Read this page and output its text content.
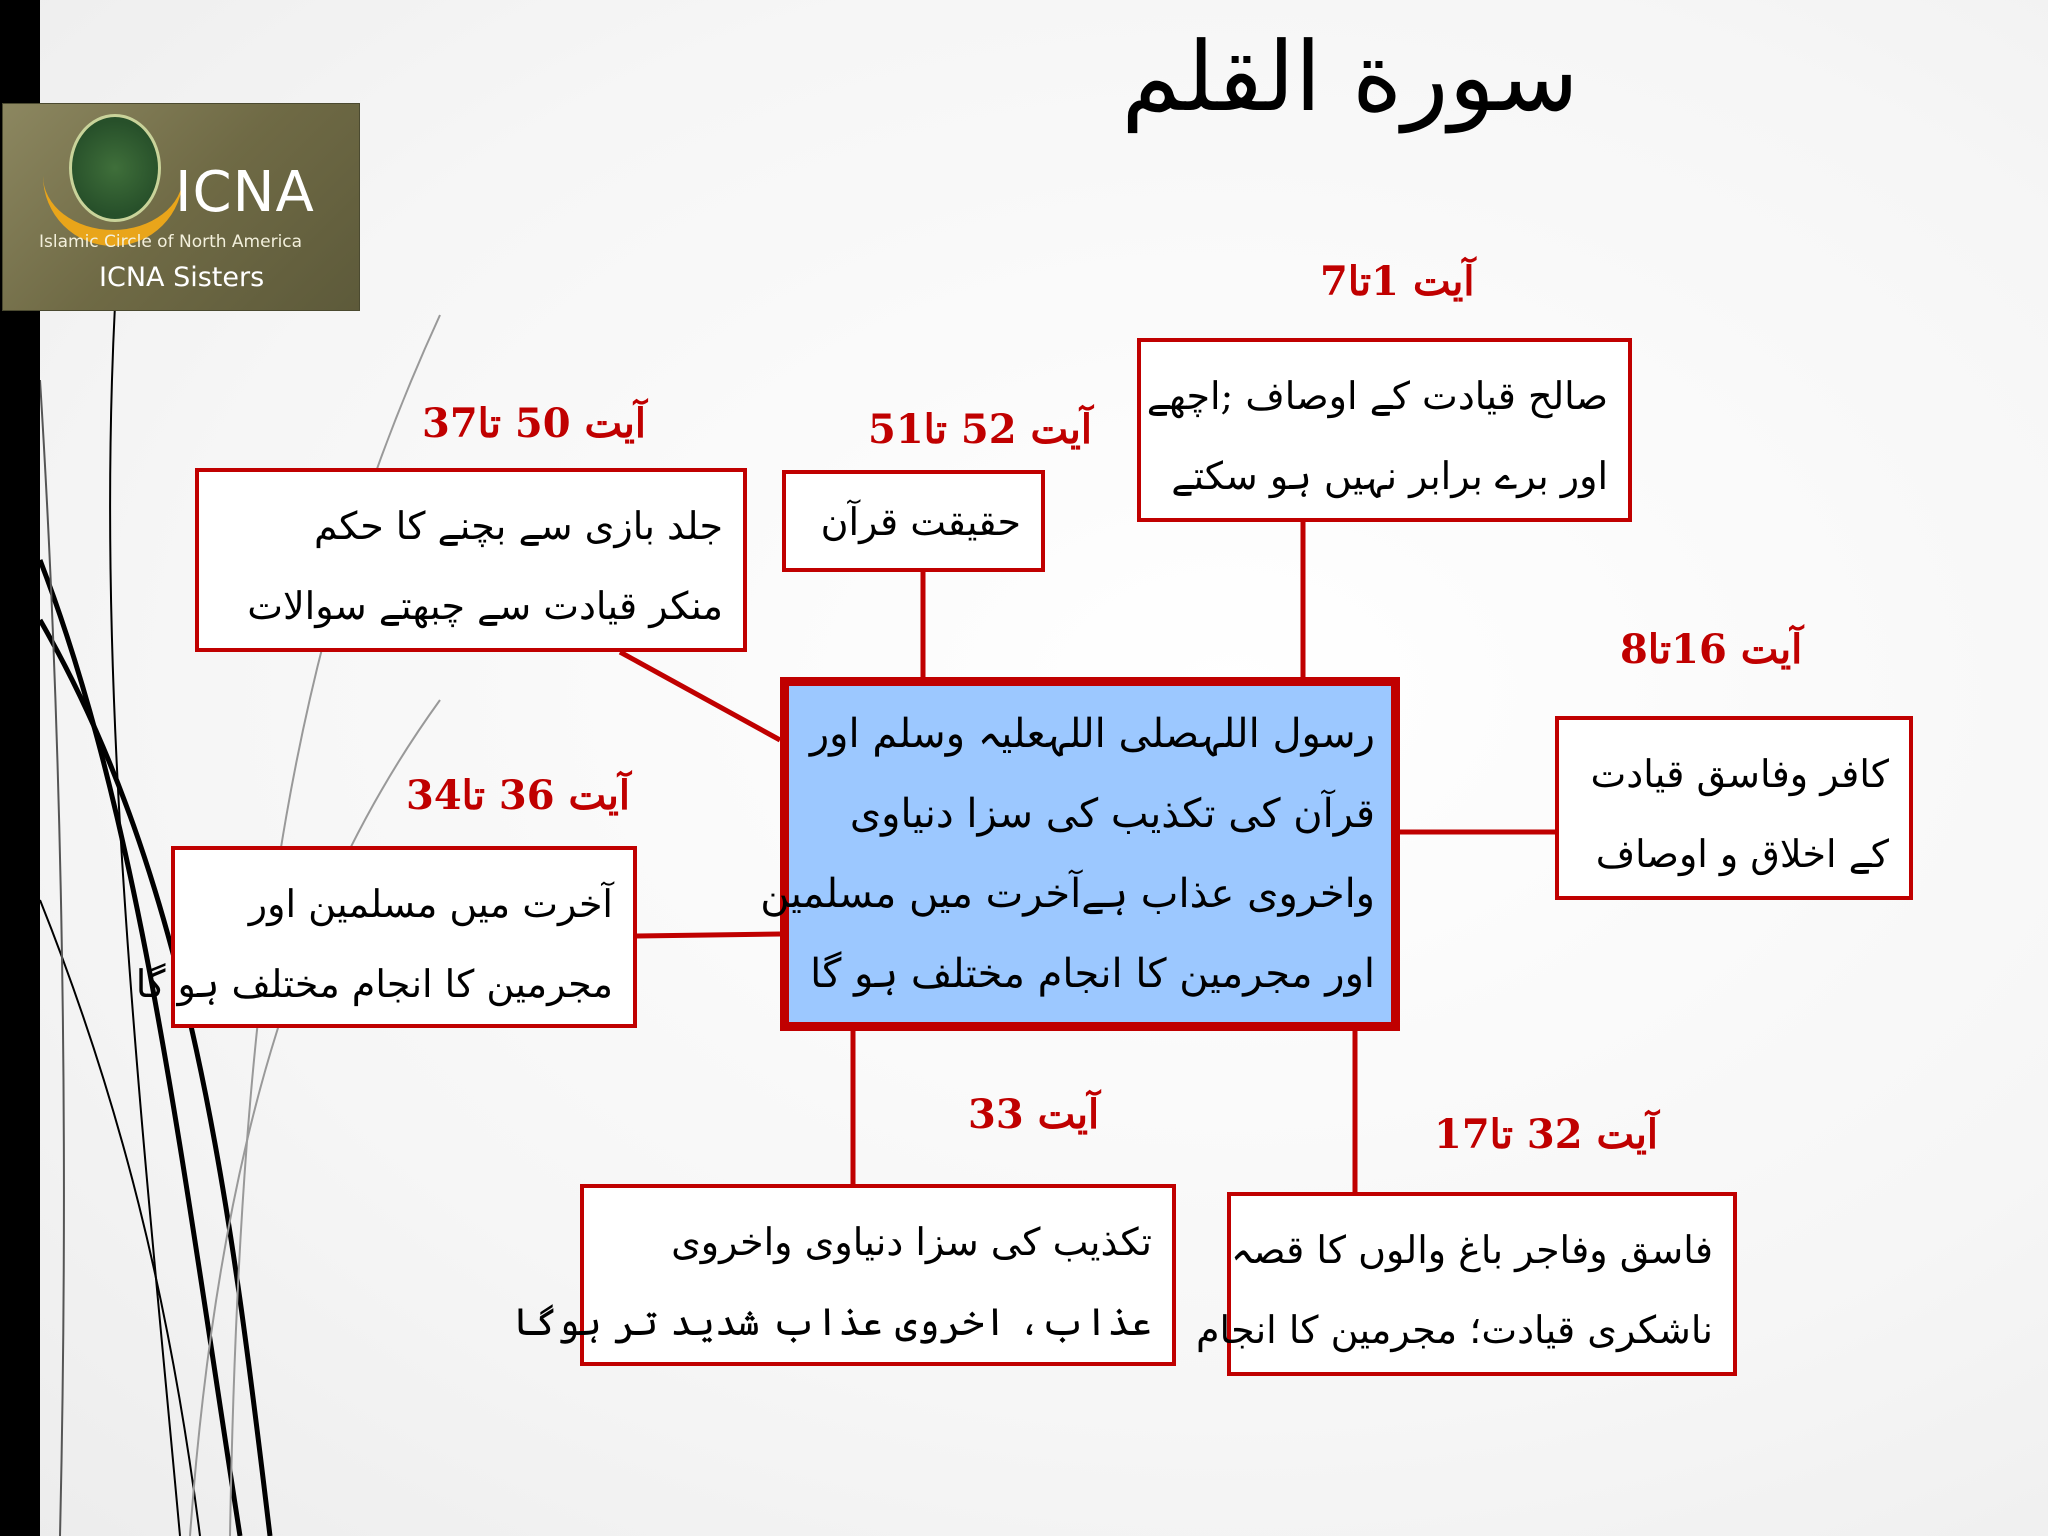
ICNA
Islamic Circle of North America
ICNA Sisters
سورة القلم
آیت 1تا7
آیت 16تا8
آیت 32 تا17
آیت 33
آیت 36 تا34
آیت 50 تا37	آیت 52 تا51
صالح قیادت کے اوصاف ;اچھے
اور برے برابر نہیں ہو سکتے
کافر وفاسق قیادت
کے اخلاق و اوصاف
فاسق وفاجر باغ والوں کا قصہ
ناشکری قیادت؛ مجرمین کا انجام
تکذیب کی سزا دنیاوی واخروی
عذاب، اخروی عذاب شدید تر ہوگا
آخرت میں مسلمین اور
مجرمین کا انجام مختلف ہو گا
جلد بازی سے بچنے کا حکم
منکر قیادت سے چبھتے سوالات
حقیقت قرآن
رسول اللہصلی اللہعلیہ وسلم اور
قرآن کی تکذیب کی سزا دنیاوی
واخروی عذاب ہےآخرت میں مسلمین
اور مجرمین کا انجام مختلف ہو گا
